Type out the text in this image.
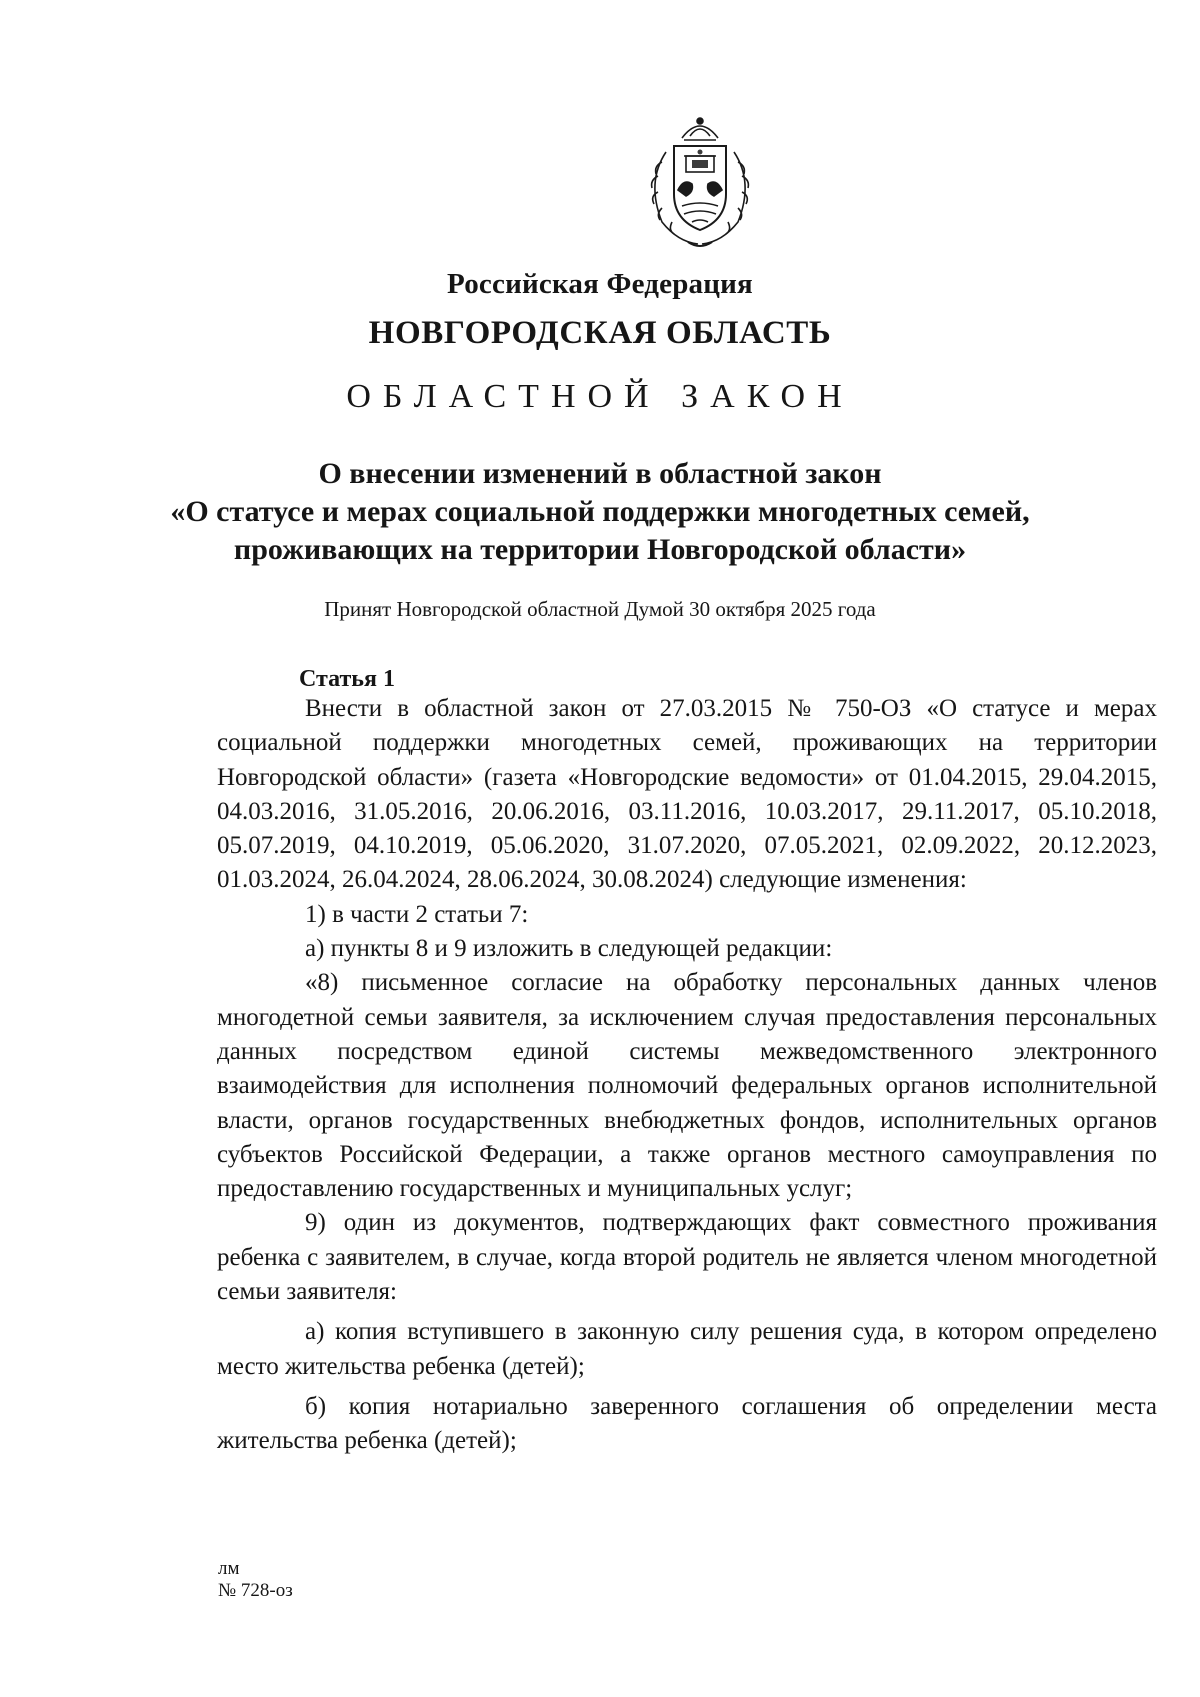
Российская Федерация
НОВГОРОДСКАЯ ОБЛАСТЬ
ОБЛАСТНОЙ ЗАКОН
О внесении изменений в областной закон
«О статусе и мерах социальной поддержки многодетных семей,
проживающих на территории Новгородской области»
Принят Новгородской областной Думой 30 октября 2025 года
Статья 1

Внести в областной закон от 27.03.2015 № 750-ОЗ «О статусе и мерах социальной поддержки многодетных семей, проживающих на территории Новгородской области» (газета «Новгородские ведомости» от 01.04.2015, 29.04.2015, 04.03.2016, 31.05.2016, 20.06.2016, 03.11.2016, 10.03.2017, 29.11.2017, 05.10.2018, 05.07.2019, 04.10.2019, 05.06.2020, 31.07.2020, 07.05.2021, 02.09.2022, 20.12.2023, 01.03.2024, 26.04.2024, 28.06.2024, 30.08.2024) следующие изменения:

1) в части 2 статьи 7:

а) пункты 8 и 9 изложить в следующей редакции:

«8) письменное согласие на обработку персональных данных членов многодетной семьи заявителя, за исключением случая предоставления персональных данных посредством единой системы межведомственного электронного взаимодействия для исполнения полномочий федеральных органов исполнительной власти, органов государственных внебюджетных фондов, исполнительных органов субъектов Российской Федерации, а также органов местного самоуправления по предоставлению государственных и муниципальных услуг;

9) один из документов, подтверждающих факт совместного проживания ребенка с заявителем, в случае, когда второй родитель не является членом многодетной семьи заявителя:

а) копия вступившего в законную силу решения суда, в котором определено место жительства ребенка (детей);

б) копия нотариально заверенного соглашения об определении места жительства ребенка (детей);

лм
№ 728-оз
